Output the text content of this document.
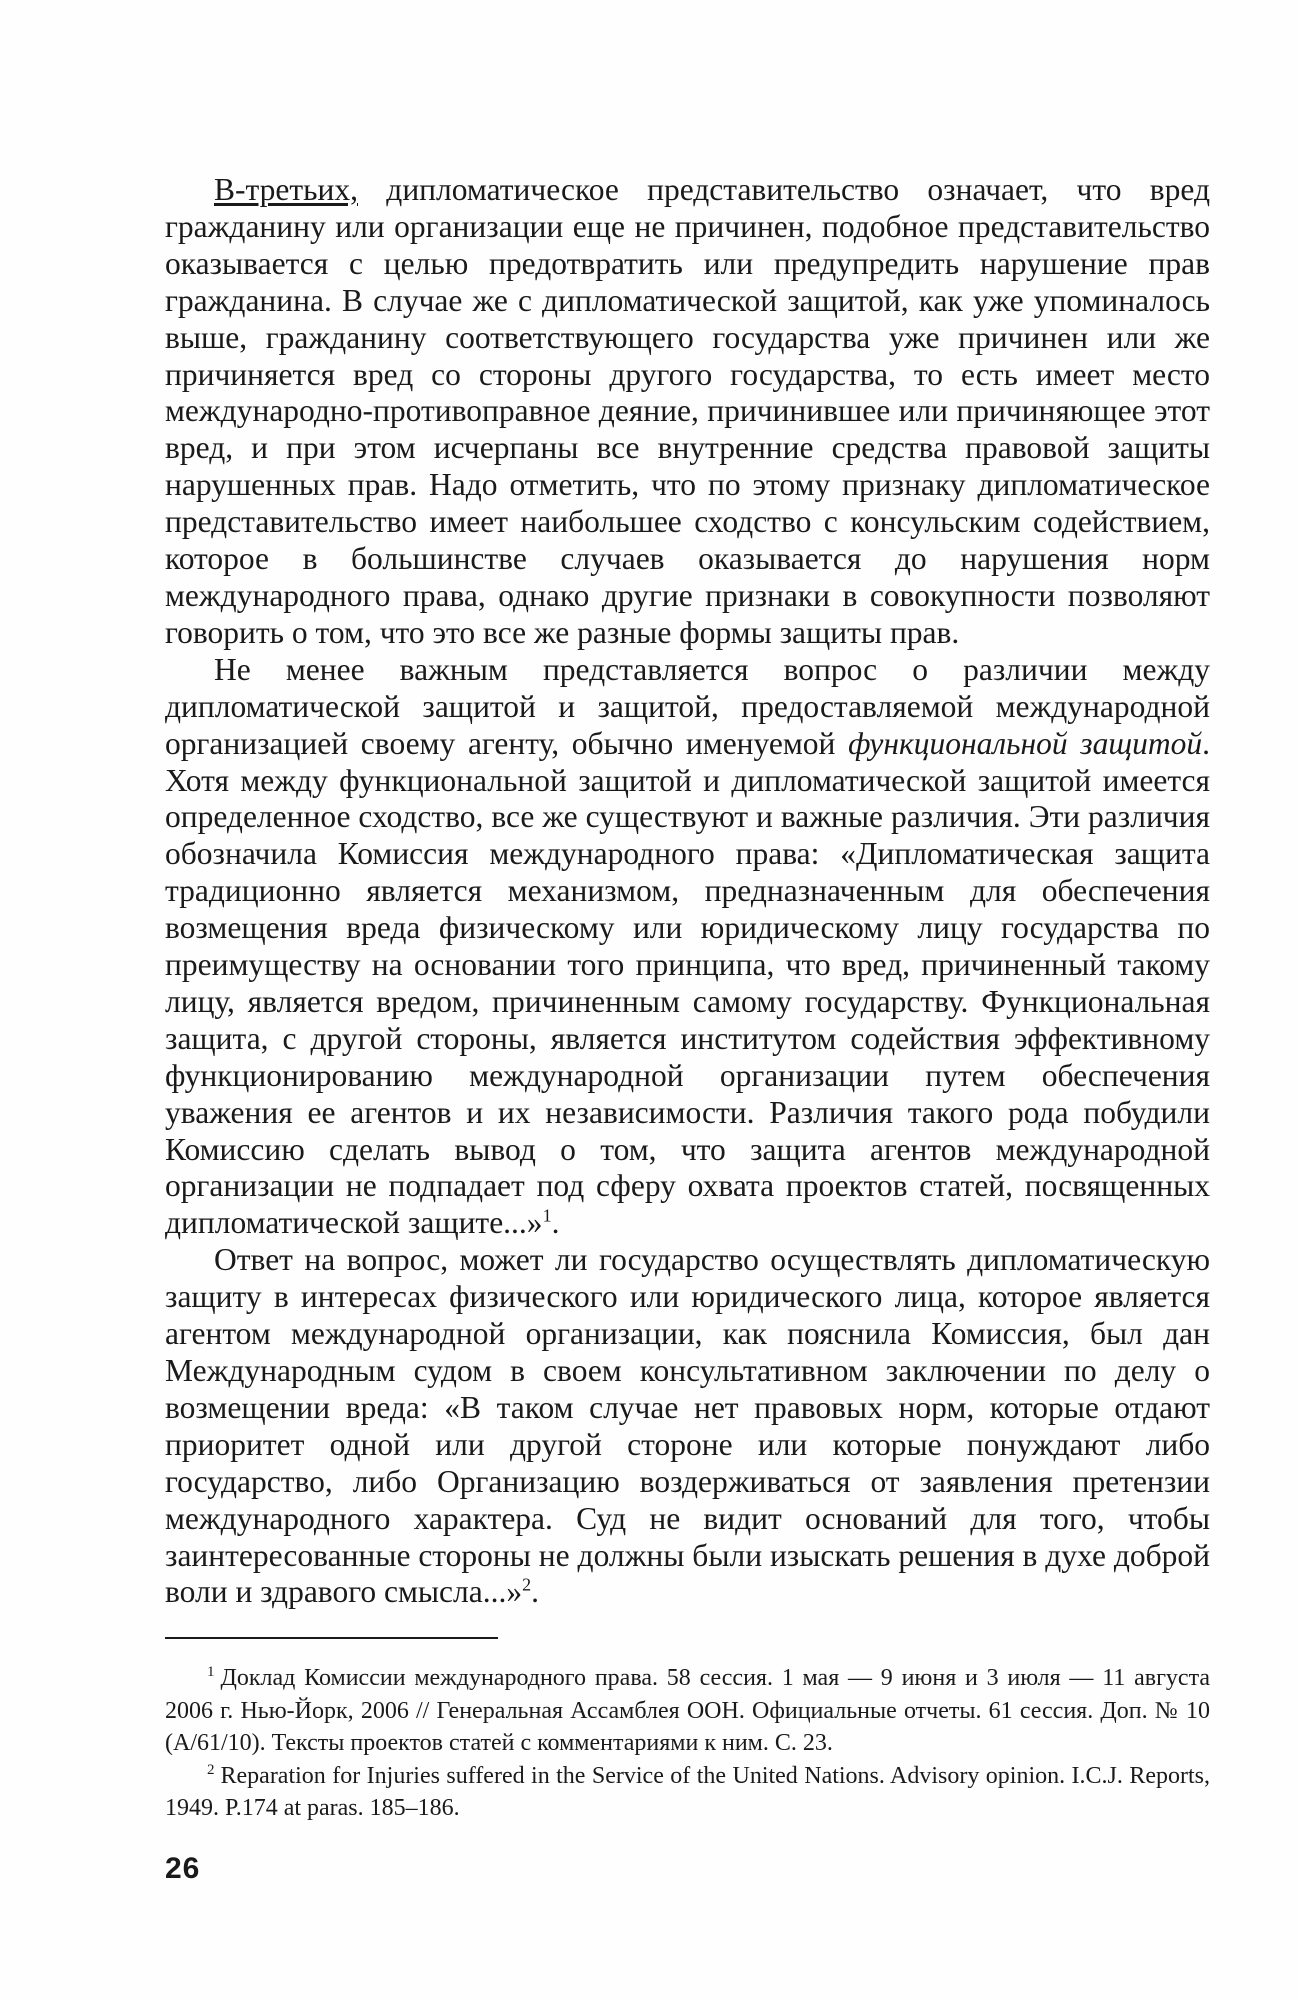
В-третьих, дипломатическое представительство означает, что вред гражданину или организации еще не причинен, подобное представительство оказывается с целью предотвратить или предупредить нарушение прав гражданина. В случае же с дипломатической защитой, как уже упоминалось выше, гражданину соответствующего государства уже причинен или же причиняется вред со стороны другого государства, то есть имеет место международно-противоправное деяние, причинившее или причиняющее этот вред, и при этом исчерпаны все внутренние средства правовой защиты нарушенных прав. Надо отметить, что по этому признаку дипломатическое представительство имеет наибольшее сходство с консульским содействием, которое в большинстве случаев оказывается до нарушения норм международного права, однако другие признаки в совокупности позволяют говорить о том, что это все же разные формы защиты прав.

Не менее важным представляется вопрос о различии между дипломатической защитой и защитой, предоставляемой международной организацией своему агенту, обычно именуемой функциональной защитой. Хотя между функциональной защитой и дипломатической защитой имеется определенное сходство, все же существуют и важные различия. Эти различия обозначила Комиссия международного права: «Дипломатическая защита традиционно является механизмом, предназначенным для обеспечения возмещения вреда физическому или юридическому лицу государства по преимуществу на основании того принципа, что вред, причиненный такому лицу, является вредом, причиненным самому государству. Функциональная защита, с другой стороны, является институтом содействия эффективному функционированию международной организации путем обеспечения уважения ее агентов и их независимости. Различия такого рода побудили Комиссию сделать вывод о том, что защита агентов международной организации не подпадает под сферу охвата проектов статей, посвященных дипломатической защите...»$^1$.

Ответ на вопрос, может ли государство осуществлять дипломатическую защиту в интересах физического или юридического лица, которое является агентом международной организации, как пояснила Комиссия, был дан Международным судом в своем консультативном заключении по делу о возмещении вреда: «В таком случае нет правовых норм, которые отдают приоритет одной или другой стороне или которые понуждают либо государство, либо Организацию воздерживаться от заявления претензии международного характера. Суд не видит оснований для того, чтобы заинтересованные стороны не должны были изыскать решения в духе доброй воли и здравого смысла...»$^2$.

$^1$ Доклад Комиссии международного права. 58 сессия. 1 мая — 9 июня и 3 июля — 11 августа 2006 г. Нью-Йорк, 2006 // Генеральная Ассамблея ООН. Официальные отчеты. 61 сессия. Доп. № 10 (A/61/10). Тексты проектов статей с комментариями к ним. С. 23.

$^2$ Reparation for Injuries suffered in the Service of the United Nations. Advisory opinion. I.C.J. Reports, 1949. P.174 at paras. 185–186.

26
